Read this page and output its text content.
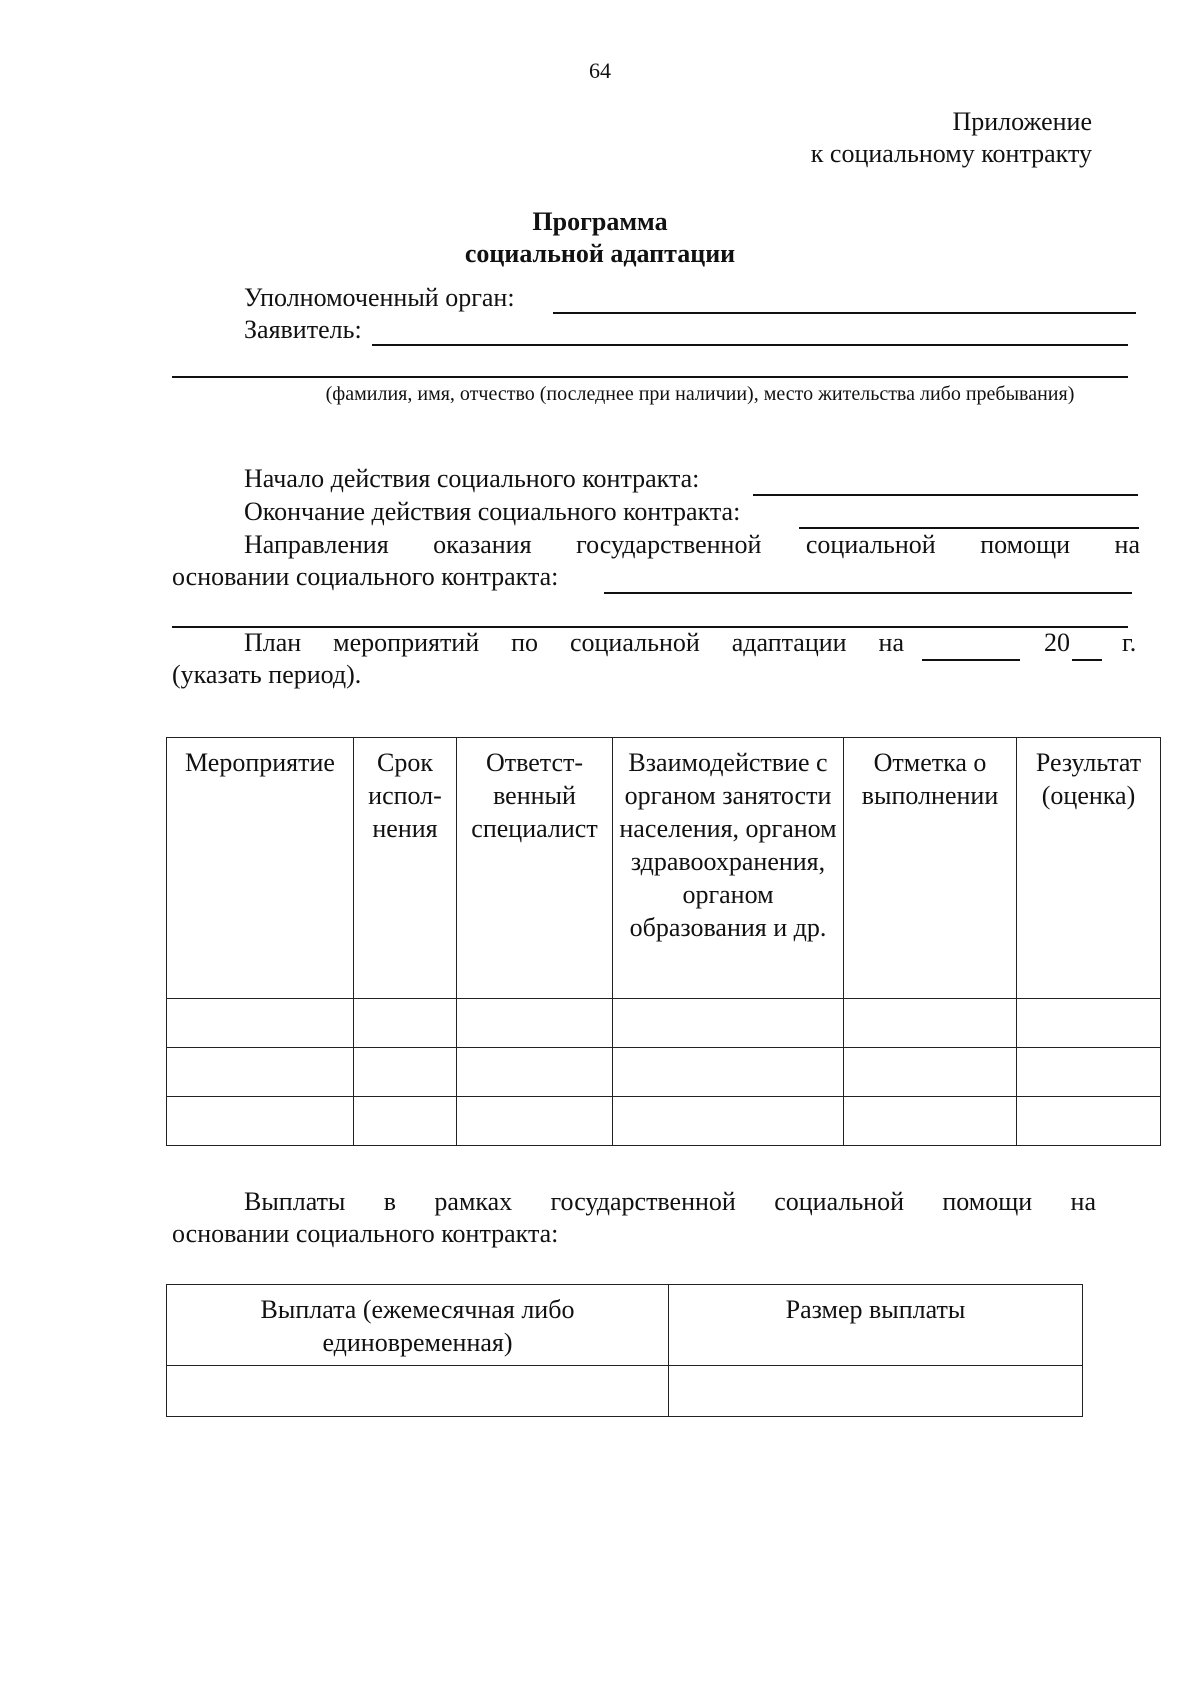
64
Приложение
к социальному контракту
Программа
социальной адаптации
Уполномоченный орган:
Заявитель:
(фамилия, имя, отчество (последнее при наличии), место жительства либо пребывания)
Начало действия социального контракта:
Окончание действия социального контракта:
Направления оказания государственной социальной помощи на
основании социального контракта:
План мероприятий по социальной адаптации на	20 г.
(указать период).
Мероприятие	Срок испол-нения	Ответст-венный специалист	Взаимодействие с органом занятости населения, органом здравоохранения, органом образования и др.	Отметка о выполнении	Результат (оценка)

Выплаты в рамках государственной социальной помощи на
основании социального контракта:
Выплата (ежемесячная либо единовременная)	Размер выплаты
